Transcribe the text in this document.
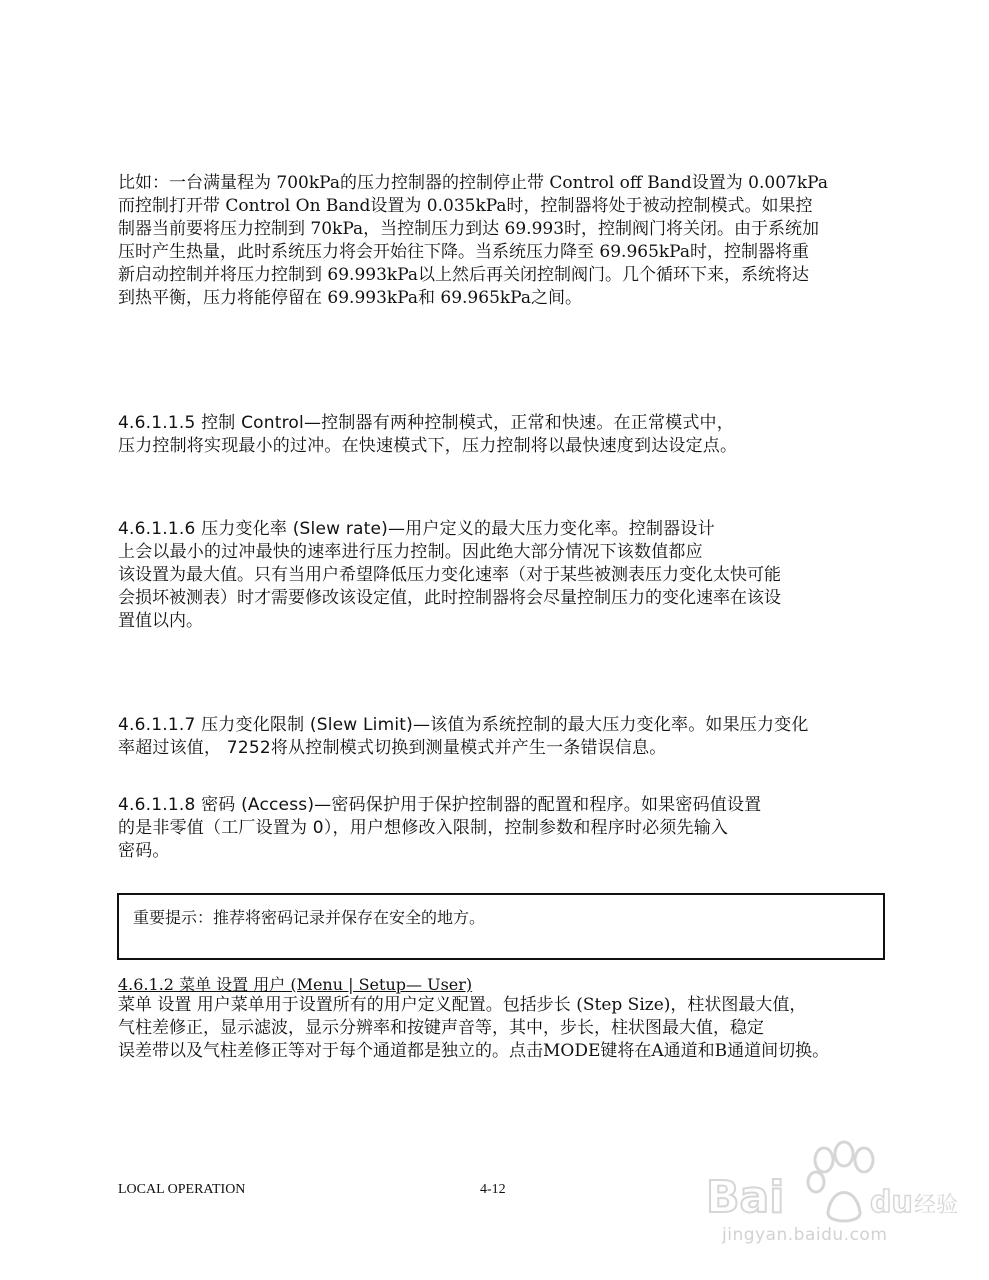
比如：一台满量程为 700kPa的压力控制器的控制停止带 Control off Band设置为 0.007kPa
而控制打开带 Control On Band设置为 0.035kPa时，控制器将处于被动控制模式。如果控
制器当前要将压力控制到 70kPa，当控制压力到达 69.993时，控制阀门将关闭。由于系统加
压时产生热量，此时系统压力将会开始往下降。当系统压力降至 69.965kPa时，控制器将重
新启动控制并将压力控制到 69.993kPa以上然后再关闭控制阀门。几个循环下来，系统将达
到热平衡，压力将能停留在 69.993kPa和 69.965kPa之间。
4.6.1.1.5 控制 Control—控制器有两种控制模式，正常和快速。在正常模式中，
压力控制将实现最小的过冲。在快速模式下，压力控制将以最快速度到达设定点。
4.6.1.1.6 压力变化率 (Slew rate)—用户定义的最大压力变化率。控制器设计
上会以最小的过冲最快的速率进行压力控制。因此绝大部分情况下该数值都应
该设置为最大值。只有当用户希望降低压力变化速率（对于某些被测表压力变化太快可能
会损坏被测表）时才需要修改该设定值，此时控制器将会尽量控制压力的变化速率在该设
置值以内。
4.6.1.1.7 压力变化限制 (Slew Limit)—该值为系统控制的最大压力变化率。如果压力变化
率超过该值， 7252将从控制模式切换到测量模式并产生一条错误信息。
4.6.1.1.8 密码 (Access)—密码保护用于保护控制器的配置和程序。如果密码值设置
的是非零值（工厂设置为 0），用户想修改入限制，控制参数和程序时必须先输入
密码。
重要提示：推荐将密码记录并保存在安全的地方。
4.6.1.2 菜单 设置 用户 (Menu | Setup— User)
菜单 设置 用户菜单用于设置所有的用户定义配置。包括步长 (Step Size)，柱状图最大值，
气柱差修正，显示滤波，显示分辨率和按键声音等，其中，步长，柱状图最大值，稳定
误差带以及气柱差修正等对于每个通道都是独立的。点击MODE键将在A通道和B通道间切换。
LOCAL OPERATION	4-12	Bai	du 经验
jingyan.baidu.com
